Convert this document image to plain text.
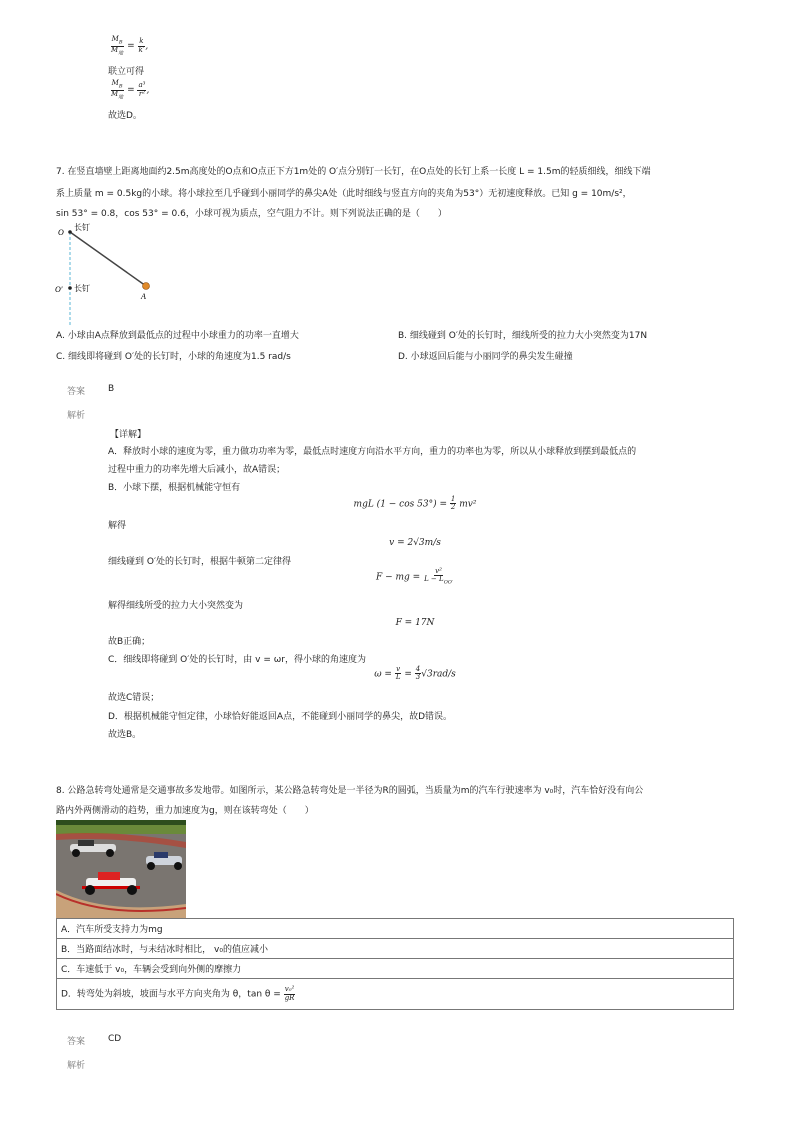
$\frac{M_B}{M_地} = \frac{k}{k'}$ ,
联立可得
$\frac{M_B}{M_地} = \frac{\text{a³}}{\text{r²}}$ ,
故选D。
7. 在竖直墙壁上距离地面约2.5m高度处的O点和O点正下方1m处的 O′点分别钉一长钉，在O点处的长钉上系一长度 L = 1.5m的轻质细线，细线下端
系上质量 m = 0.5kg的小球。将小球拉至几乎碰到小丽同学的鼻尖A处（此时细线与竖直方向的夹角为53°）无初速度释放。已知 g = 10m/s²，
sin 53° = 0.8，cos 53° = 0.6，小球可视为质点，空气阻力不计。则下列说法正确的是（　　）
O
长钉
O′ 长钉
A
A. 小球由A点释放到最低点的过程中小球重力的功率一直增大	B. 细线碰到 O′处的长钉时，细线所受的拉力大小突然变为17N
C. 细线即将碰到 O′处的长钉时，小球的角速度为1.5 rad/s	D. 小球返回后能与小丽同学的鼻尖发生碰撞
答案	B
解析
【详解】
A．释放时小球的速度为零，重力做功功率为零，最低点时速度方向沿水平方向，重力的功率也为零，所以从小球释放到摆到最低点的
过程中重力的功率先增大后减小，故A错误；
B．小球下摆，根据机械能守恒有
mgL $(1 - \cos 53^\circ) = \frac{1}{2} mv^2$
解得
v = 2√3m/s
细线碰到 O′处的长钉时，根据牛顿第二定律得
F − mg = $\frac{\text{v²}}{L - L_{OO'}}$
解得细线所受的拉力大小突然变为
F = 17N
故B正确；
C．细线即将碰到 O′处的长钉时，由 v = ωr，得小球的角速度为
$\omega = \frac{v}{L} = \frac{4}{3} √3rad/s$
故选C错误；
D．根据机械能守恒定律，小球恰好能返回A点，不能碰到小丽同学的鼻尖，故D错误。
故选B。
8. 公路急转弯处通常是交通事故多发地带。如图所示，某公路急转弯处是一半径为R的圆弧，当质量为m的汽车行驶速率为 v₀时，汽车恰好没有向公
路内外两侧滑动的趋势，重力加速度为g，则在该转弯处（　　）
A．汽车所受支持力为mg
B．当路面结冰时，与未结冰时相比， v₀的值应减小
C．车速低于 v₀，车辆会受到向外侧的摩擦力
D．转弯处为斜坡，坡面与水平方向夹角为 θ，$\tan \theta = \frac{\text{v₀²}}{gR}$
答案	CD
解析
